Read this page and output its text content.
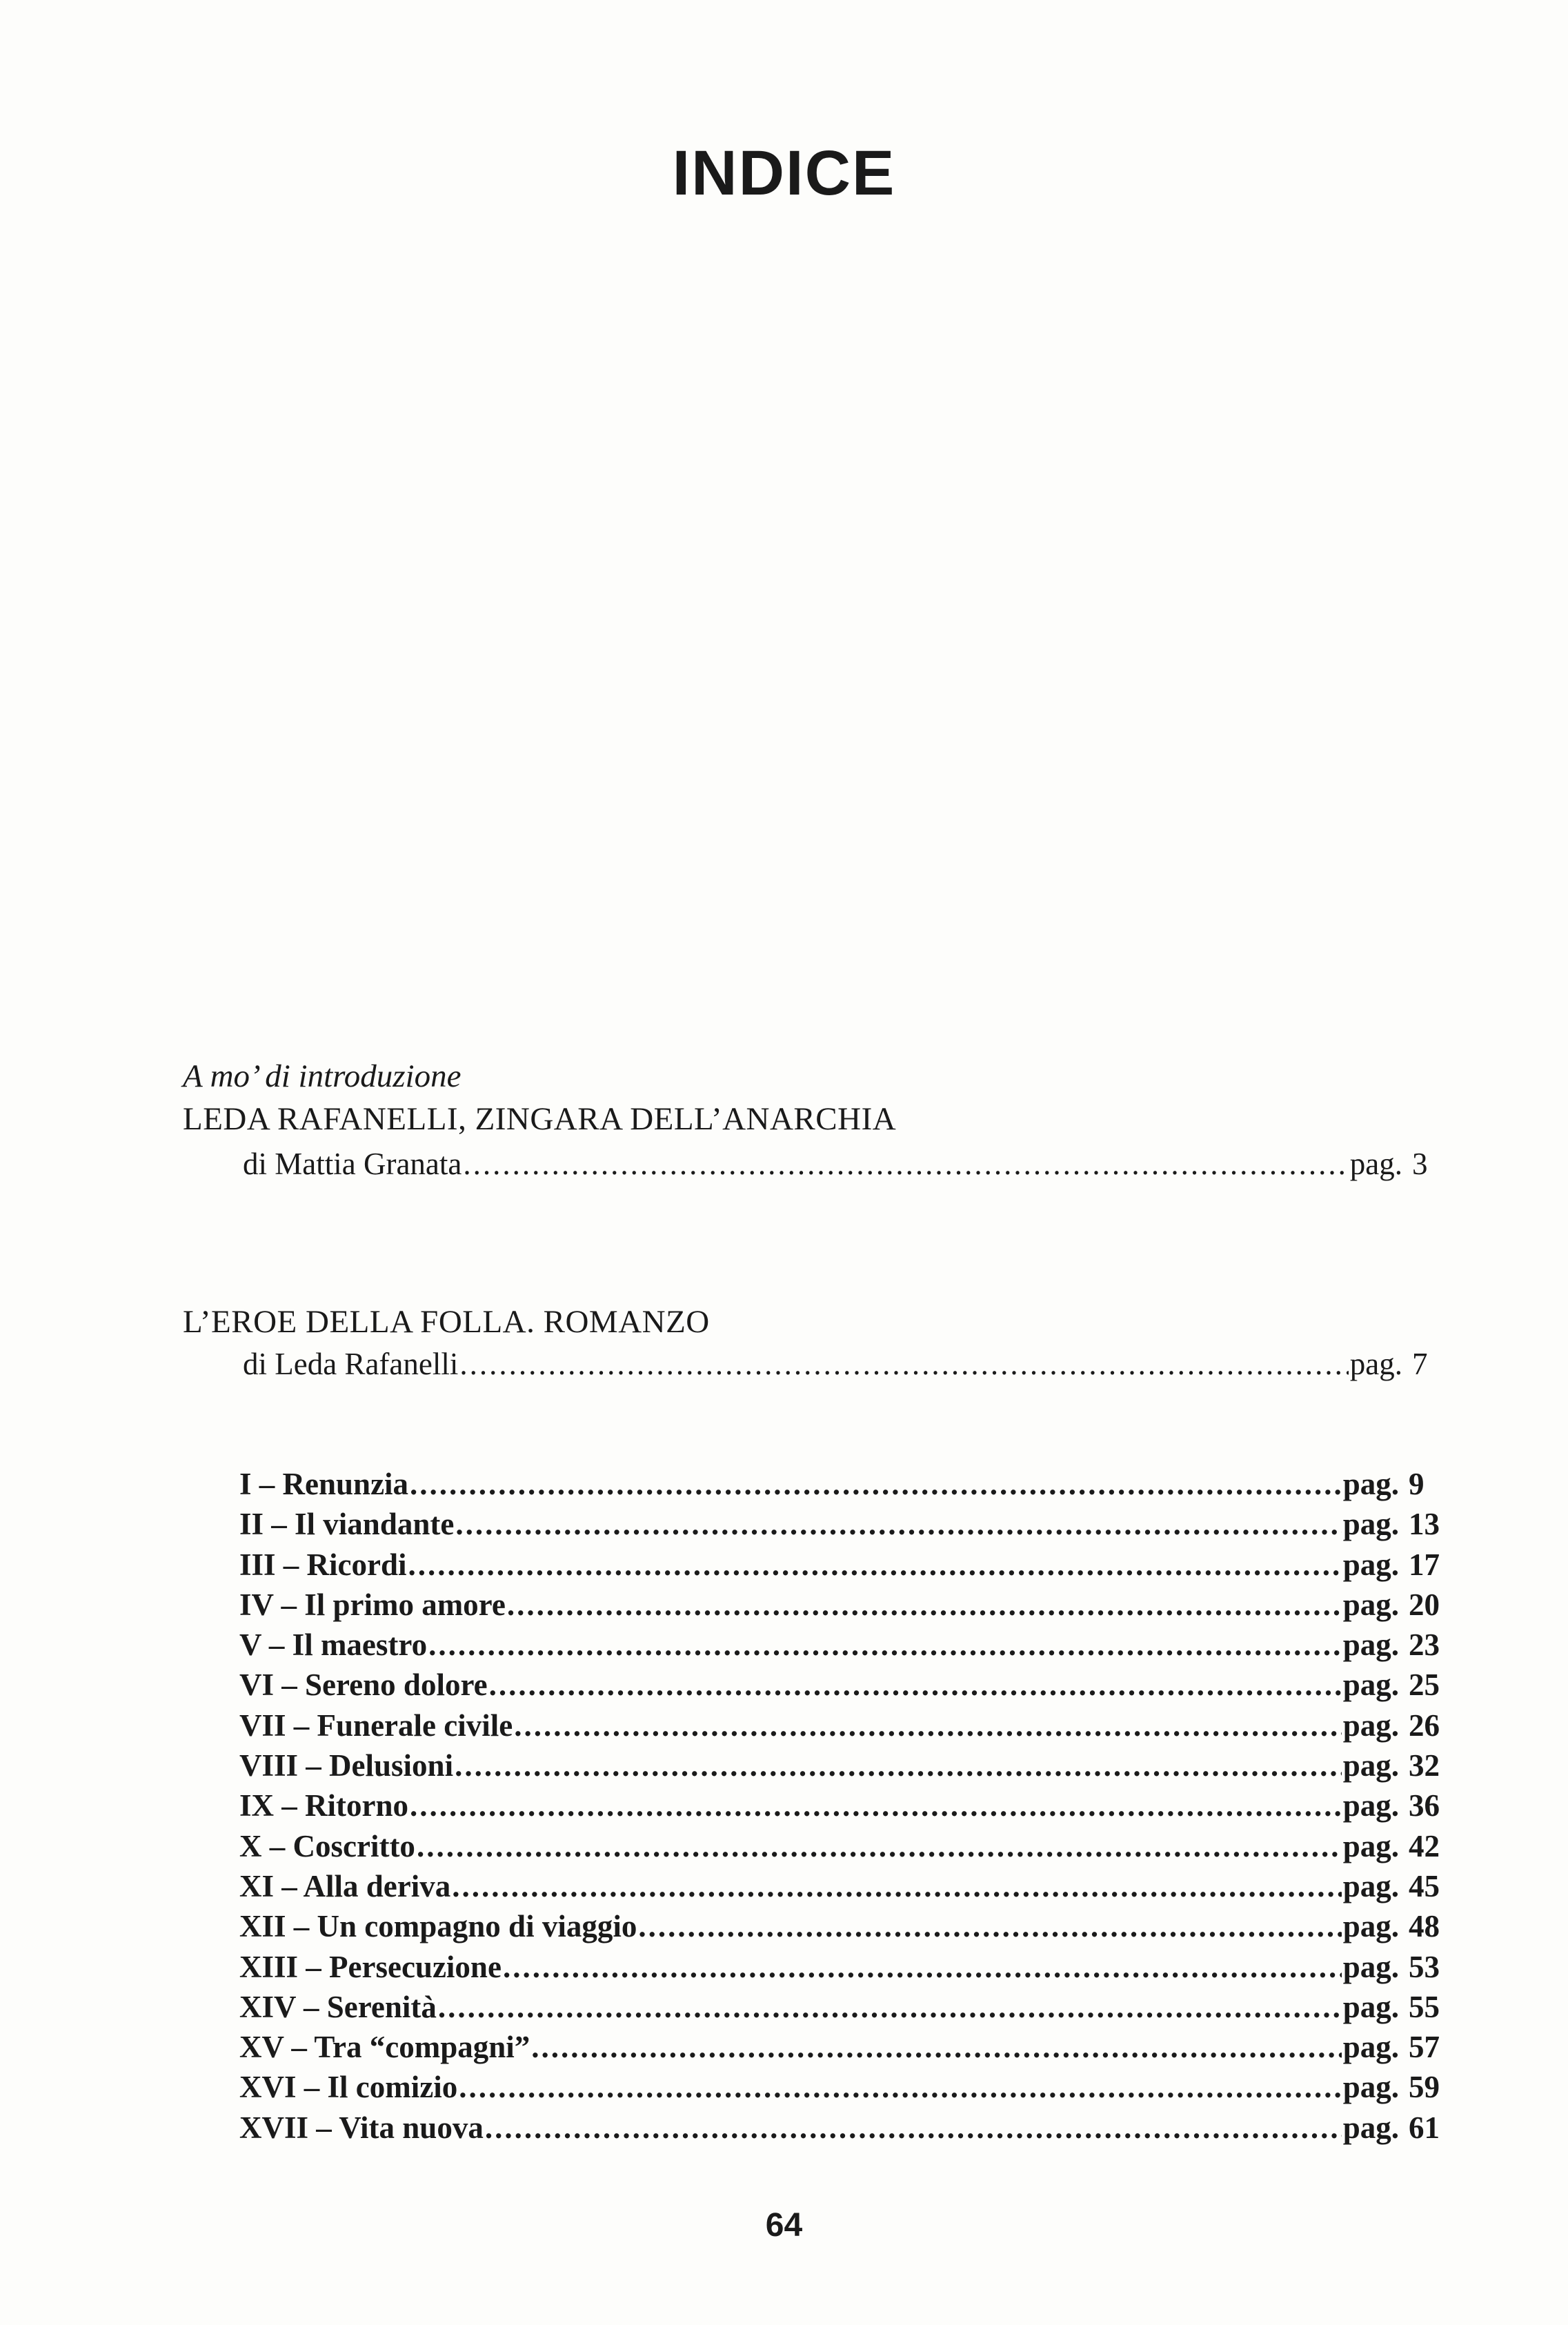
INDICE
A mo’ di introduzione
LEDA RAFANELLI, ZINGARA DELL’ANARCHIA
di Mattia Granata .....	pag. 3
L’EROE DELLA FOLLA. ROMANZO
di Leda Rafanelli .....	pag. 7
I – Renunzia .....	pag. 9
II – Il viandante .....	pag. 13
III – Ricordi .....	pag. 17
IV – Il primo amore .....	pag. 20
V – Il maestro .....	pag. 23
VI – Sereno dolore .....	pag. 25
VII – Funerale civile .....	pag. 26
VIII – Delusioni .....	pag. 32
IX – Ritorno .....	pag. 36
X – Coscritto .....	pag. 42
XI – Alla deriva .....	pag. 45
XII – Un compagno di viaggio .....	pag. 48
XIII – Persecuzione .....	pag. 53
XIV – Serenità .....	pag. 55
XV – Tra “compagni” .....	pag. 57
XVI – Il comizio .....	pag. 59
XVII – Vita nuova .....	pag. 61
64
